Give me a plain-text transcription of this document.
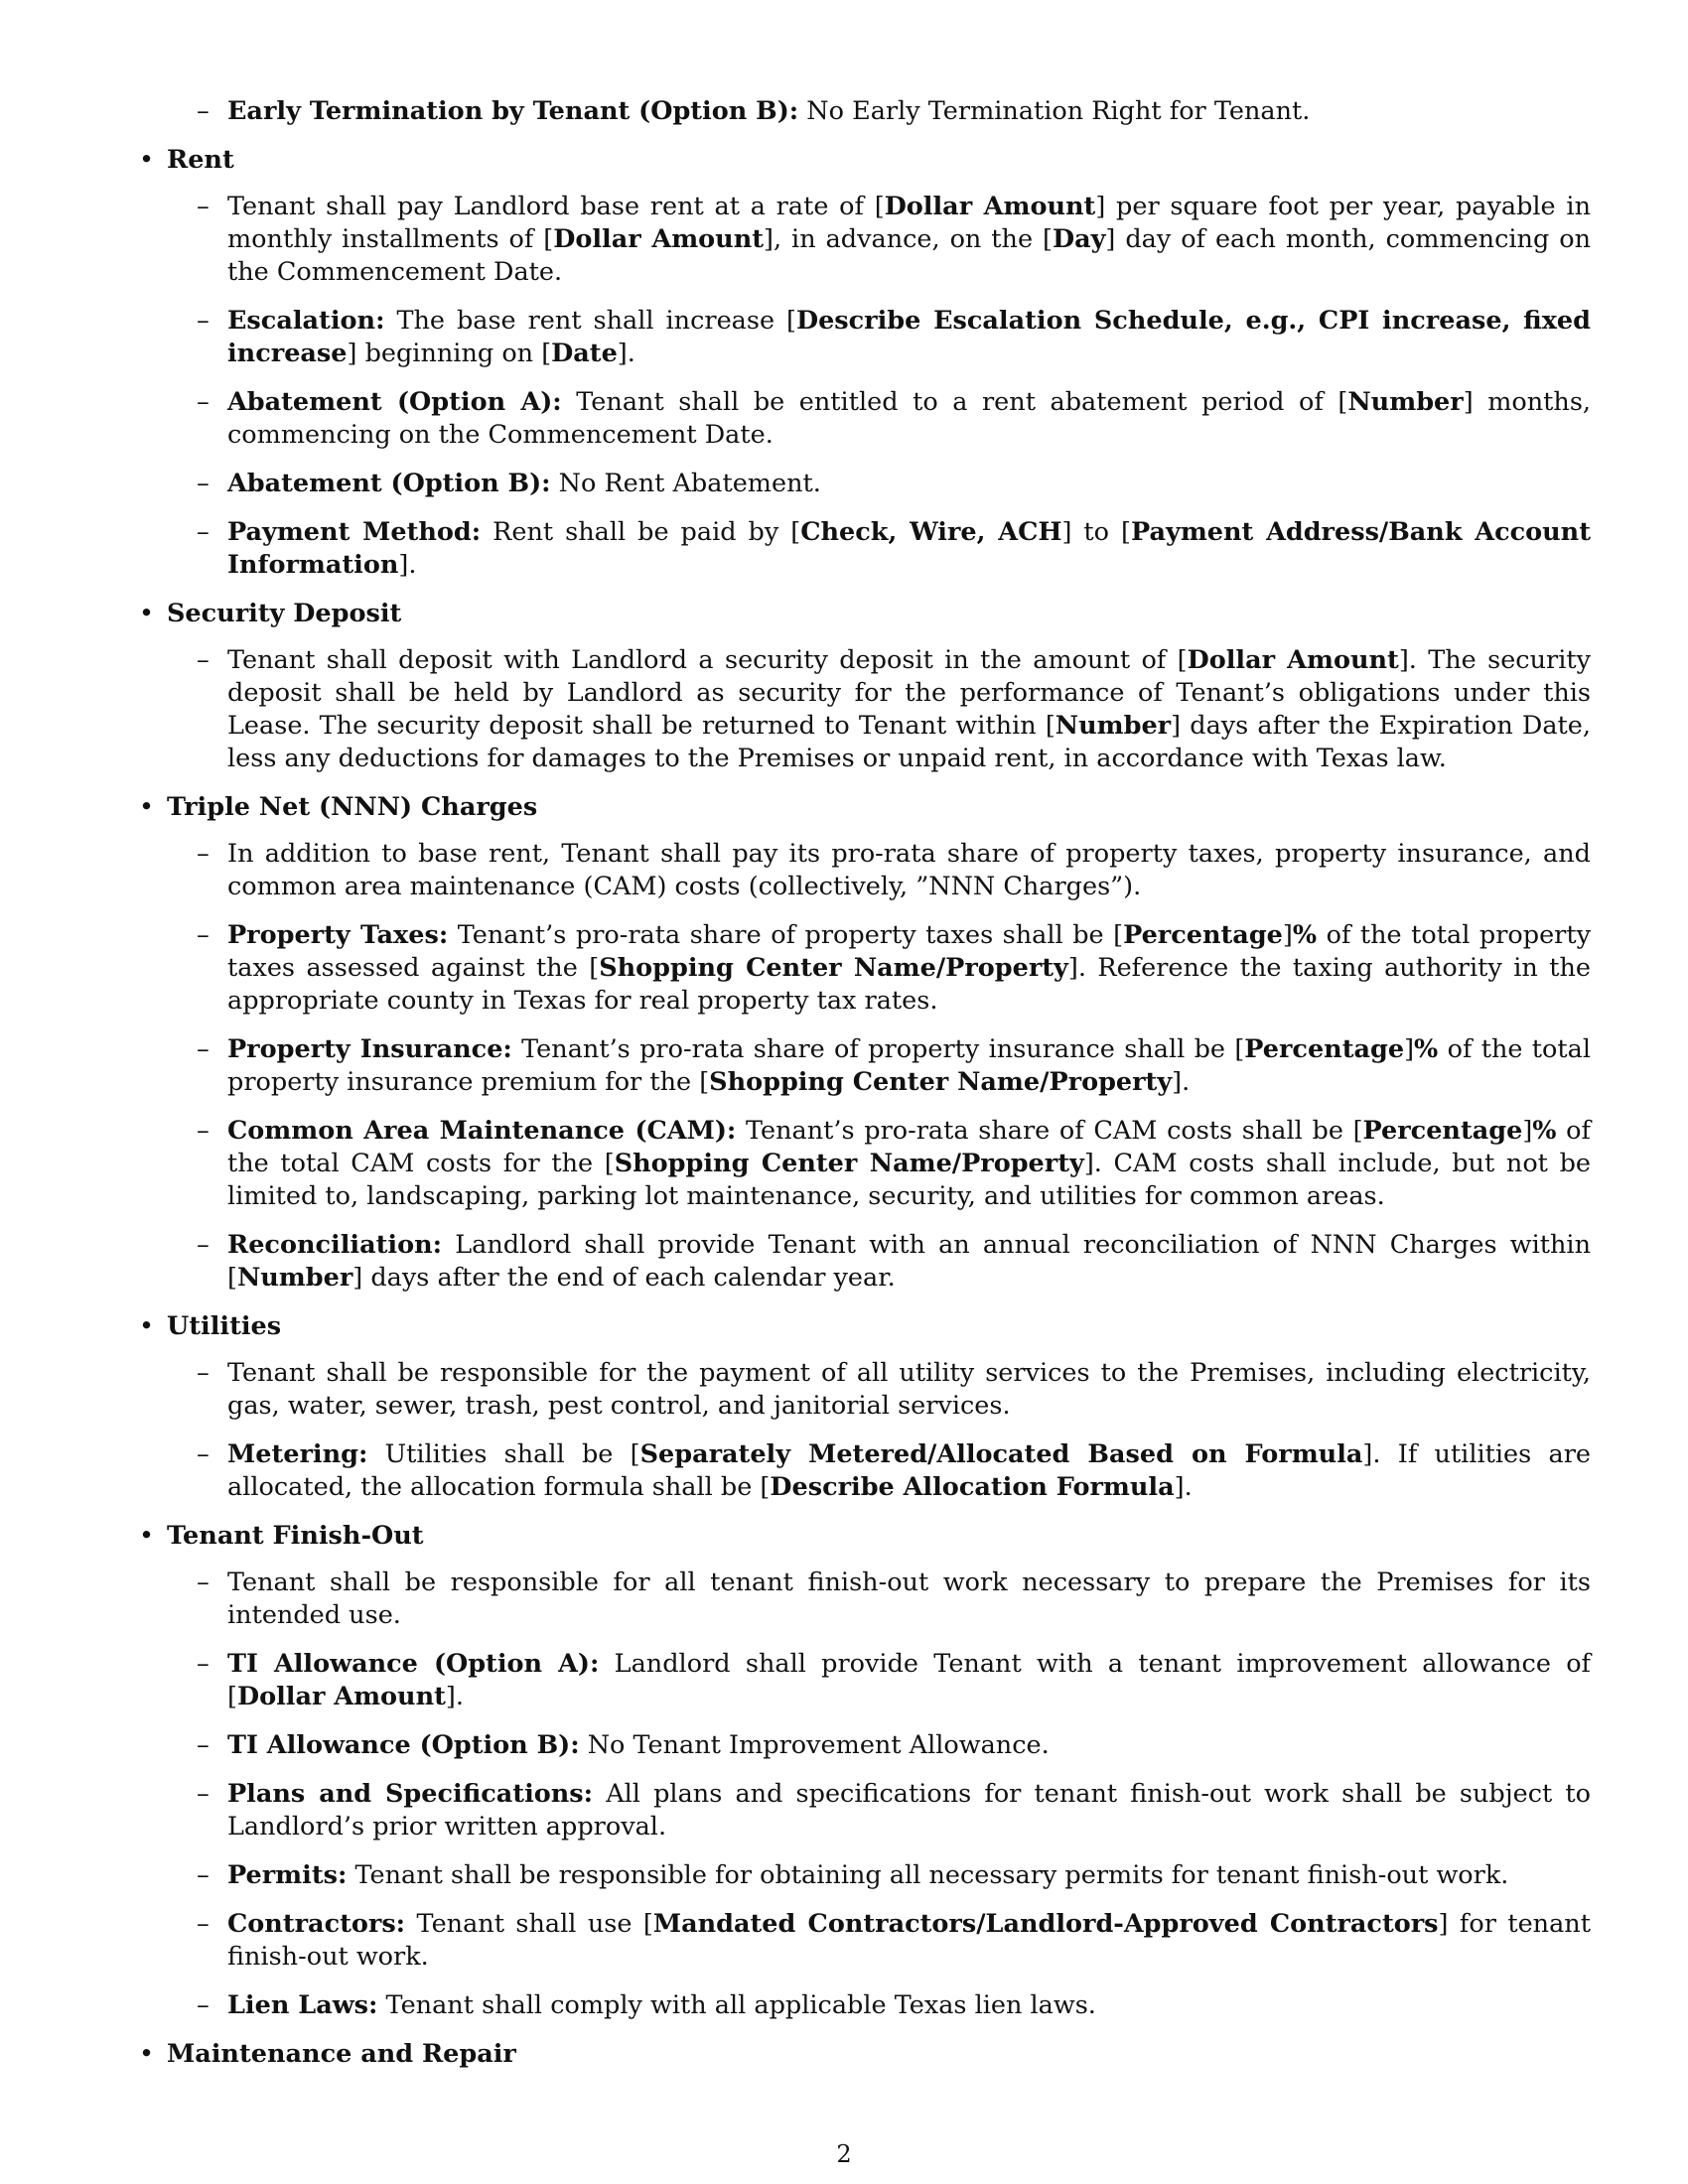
– Early Termination by Tenant (Option B): No Early Termination Right for Tenant.
• Rent
– Tenant shall pay Landlord base rent at a rate of [Dollar Amount] per square foot per year, payable in monthly installments of [Dollar Amount], in advance, on the [Day] day of each month, commencing on the Commencement Date.
– Escalation: The base rent shall increase [Describe Escalation Schedule, e.g., CPI increase, fixed increase] beginning on [Date].
– Abatement (Option A): Tenant shall be entitled to a rent abatement period of [Number] months, commencing on the Commencement Date.
– Abatement (Option B): No Rent Abatement.
– Payment Method: Rent shall be paid by [Check, Wire, ACH] to [Payment Address/Bank Account Information].
• Security Deposit
– Tenant shall deposit with Landlord a security deposit in the amount of [Dollar Amount]. The security deposit shall be held by Landlord as security for the performance of Tenant’s obligations under this Lease. The security deposit shall be returned to Tenant within [Number] days after the Expiration Date, less any deductions for damages to the Premises or unpaid rent, in accordance with Texas law.
• Triple Net (NNN) Charges
– In addition to base rent, Tenant shall pay its pro-rata share of property taxes, property insurance, and common area maintenance (CAM) costs (collectively, ”NNN Charges”).
– Property Taxes: Tenant’s pro-rata share of property taxes shall be [Percentage]% of the total property taxes assessed against the [Shopping Center Name/Property]. Reference the taxing authority in the appropriate county in Texas for real property tax rates.
– Property Insurance: Tenant’s pro-rata share of property insurance shall be [Percentage]% of the total property insurance premium for the [Shopping Center Name/Property].
– Common Area Maintenance (CAM): Tenant’s pro-rata share of CAM costs shall be [Percentage]% of the total CAM costs for the [Shopping Center Name/Property]. CAM costs shall include, but not be limited to, landscaping, parking lot maintenance, security, and utilities for common areas.
– Reconciliation: Landlord shall provide Tenant with an annual reconciliation of NNN Charges within [Number] days after the end of each calendar year.
• Utilities
– Tenant shall be responsible for the payment of all utility services to the Premises, including electricity, gas, water, sewer, trash, pest control, and janitorial services.
– Metering: Utilities shall be [Separately Metered/Allocated Based on Formula]. If utilities are allocated, the allocation formula shall be [Describe Allocation Formula].
• Tenant Finish-Out
– Tenant shall be responsible for all tenant finish-out work necessary to prepare the Premises for its intended use.
– TI Allowance (Option A): Landlord shall provide Tenant with a tenant improvement allowance of [Dollar Amount].
– TI Allowance (Option B): No Tenant Improvement Allowance.
– Plans and Specifications: All plans and specifications for tenant finish-out work shall be subject to Landlord’s prior written approval.
– Permits: Tenant shall be responsible for obtaining all necessary permits for tenant finish-out work.
– Contractors: Tenant shall use [Mandated Contractors/Landlord-Approved Contractors] for tenant finish-out work.
– Lien Laws: Tenant shall comply with all applicable Texas lien laws.
• Maintenance and Repair
2
